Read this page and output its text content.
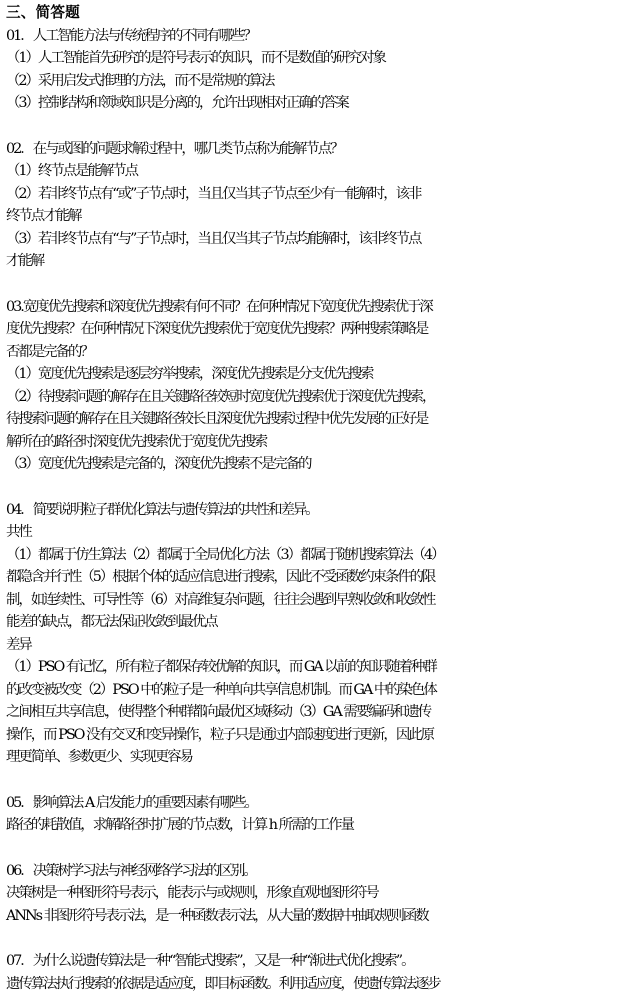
三、简答题
01．人工智能方法与传统程序的不同有哪些？
（1）人工智能首先研究的是符号表示的知识，而不是数值的研究对象
（2）采用启发式推理的方法，而不是常规的算法
（3）控制结构和领域知识是分离的，允许出现相对正确的答案
02．在与或图的问题求解过程中，哪几类节点称为能解节点？
（1）终节点是能解节点
（2）若非终节点有“或”子节点时，当且仅当其子节点至少有一能解时，该非
终节点才能解
（3）若非终节点有“与”子节点时，当且仅当其子节点均能解时，该非终节点
才能解
03.宽度优先搜索和深度优先搜索有何不同？在何种情况下宽度优先搜索优于深
度优先搜索？在何种情况下深度优先搜索优于宽度优先搜索？两种搜索策略是
否都是完备的？
（1）宽度优先搜索是逐层穷举搜索，深度优先搜索是分支优先搜索
（2）待搜索问题的解存在且关键路径较短时宽度优先搜索优于深度优先搜索，
待搜索问题的解存在且关键路径较长且深度优先搜索过程中优先发展的正好是
解所在的路径时深度优先搜索优于宽度优先搜索
（3）宽度优先搜索是完备的，深度优先搜索不是完备的
04．简要说明粒子群优化算法与遗传算法的共性和差异。
共性
（1）都属于仿生算法（2）都属于全局优化方法（3）都属于随机搜索算法（4）
都隐含并行性（5）根据个体的适应信息进行搜索，因此不受函数约束条件的限
制，如连续性、可导性等（6）对高维复杂问题，往往会遇到早熟收敛和收敛性
能差的缺点，都无法保证收敛到最优点
差异
（1）PSO 有记忆，所有粒子都保存较优解的知识，而 GA 以前的知识随着种群
的改变被改变（2）PSO 中的粒子是一种单向共享信息机制。而 GA 中的染色体
之间相互共享信息，使得整个种群都向最优区域移动（3）GA 需要编码和遗传
操作，而 PSO 没有交叉和变异操作，粒子只是通过内部速度进行更新，因此原
理更简单、参数更少、实现更容易
05．影响算法 A 启发能力的重要因素有哪些。
路径的耗散值，求解路径时扩展的节点数，计算 h 所需的工作量
06．决策树学习法与神经网络学习法的区别。
决策树是一种图形符号表示，能表示与或规则，形象直观地图形符号
ANNs 非图形符号表示法，是一种函数表示法，从大量的数据中抽取规则函数
07．为什么说遗传算法是一种“智能式搜索”，又是一种“渐进式优化搜索”。
遗传算法执行搜索的依据是适应度，即目标函数。利用适应度，使遗传算法逐步
